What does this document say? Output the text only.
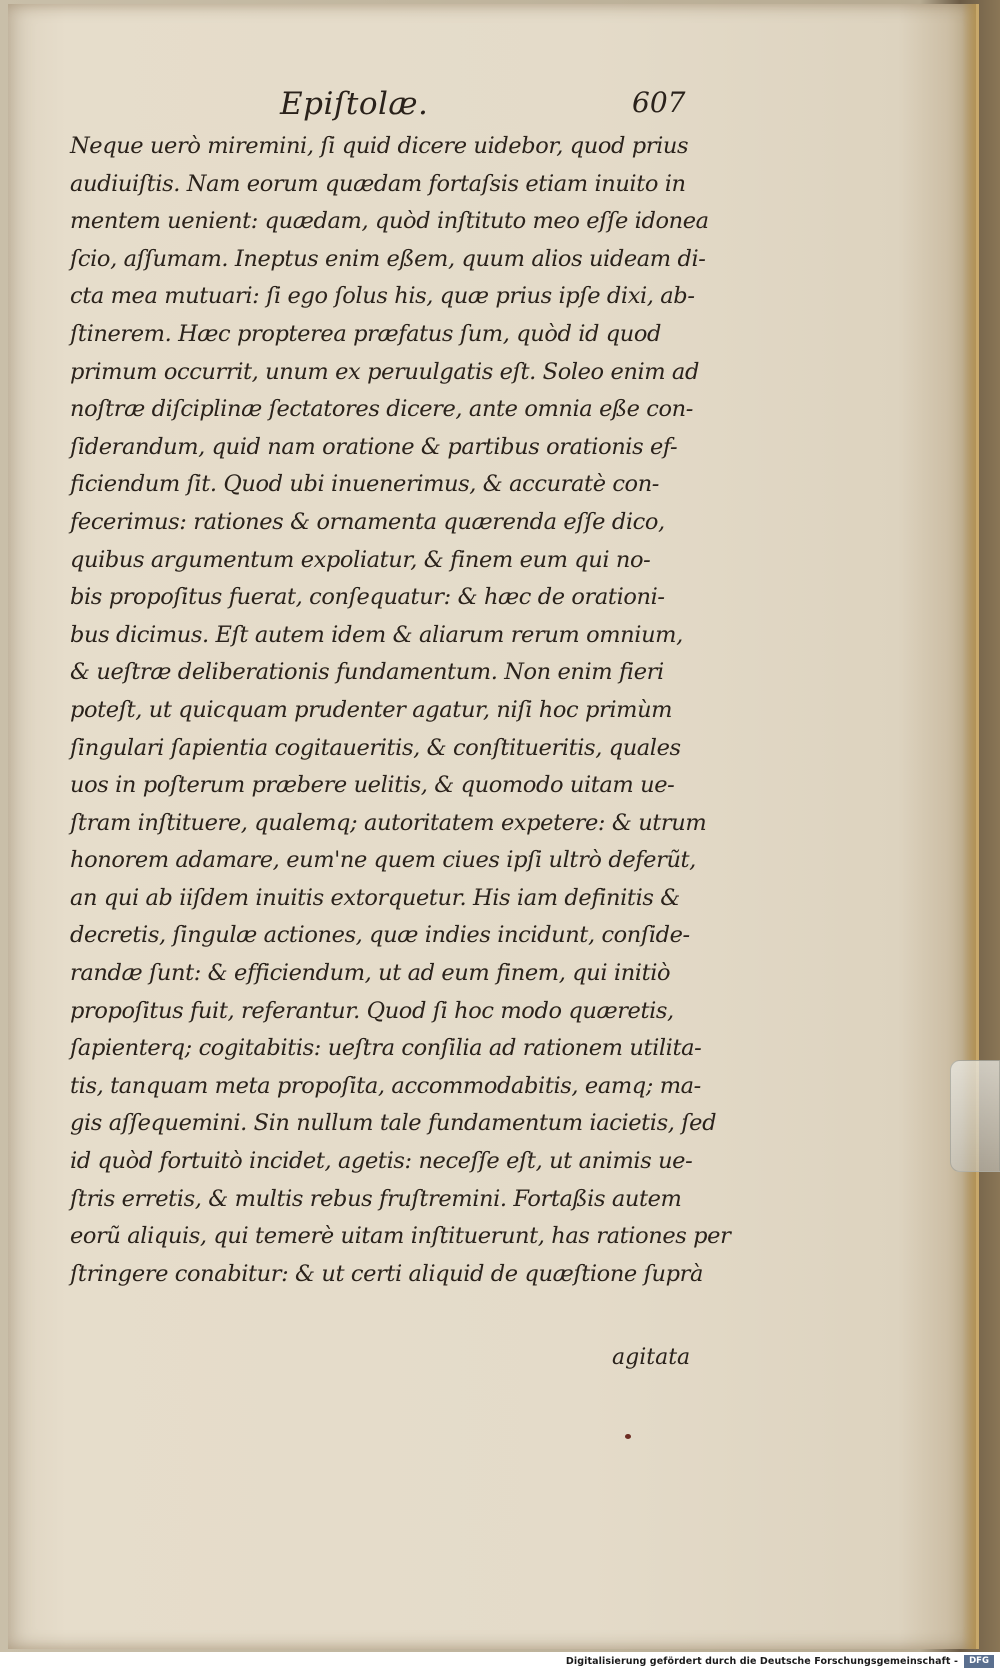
Epiſtolæ.	607
Neque uerò miremini, ſi quid dicere uidebor, quod prius
audiuiſtis. Nam eorum quædam fortaſsis etiam inuito in
mentem uenient: quædam, quòd inſtituto meo eſſe idonea
ſcio, aſſumam. Ineptus enim eßem, quum alios uideam di-
cta mea mutuari: ſi ego ſolus his, quæ prius ipſe dixi, ab-
ſtinerem. Hæc propterea præfatus ſum, quòd id quod
primum occurrit, unum ex peruulgatis eſt. Soleo enim ad
noſtræ diſciplinæ ſectatores dicere, ante omnia eße con-
ſiderandum, quid nam oratione & partibus orationis ef-
ficiendum ſit. Quod ubi inuenerimus, & accuratè con-
fecerimus: rationes & ornamenta quærenda eſſe dico,
quibus argumentum expoliatur, & finem eum qui no-
bis propoſitus fuerat, conſequatur: & hæc de orationi-
bus dicimus. Eſt autem idem & aliarum rerum omnium,
& ueſtræ deliberationis fundamentum. Non enim fieri
poteſt, ut quicquam prudenter agatur, niſi hoc primùm
ſingulari ſapientia cogitaueritis, & conſtitueritis, quales
uos in poſterum præbere uelitis, & quomodo uitam ue-
ſtram inſtituere, qualemq; autoritatem expetere: & utrum
honorem adamare, eum'ne quem ciues ipſi ultrò deferũt,
an qui ab iiſdem inuitis extorquetur. His iam definitis &
decretis, ſingulæ actiones, quæ indies incidunt, conſide-
randæ ſunt: & efficiendum, ut ad eum finem, qui initiò
propoſitus fuit, referantur. Quod ſi hoc modo quæretis,
ſapienterq; cogitabitis: ueſtra conſilia ad rationem utilita-
tis, tanquam meta propoſita, accommodabitis, eamq; ma-
gis aſſequemini. Sin nullum tale fundamentum iacietis, ſed
id quòd fortuitò incidet, agetis: neceſſe eſt, ut animis ue-
ſtris erretis, & multis rebus fruſtremini. Fortaßis autem
eorũ aliquis, qui temerè uitam inſtituerunt, has rationes per
ſtringere conabitur: & ut certi aliquid de quæſtione ſuprà
agitata
Digitalisierung gefördert durch die Deutsche Forschungsgemeinschaft -	DFG
